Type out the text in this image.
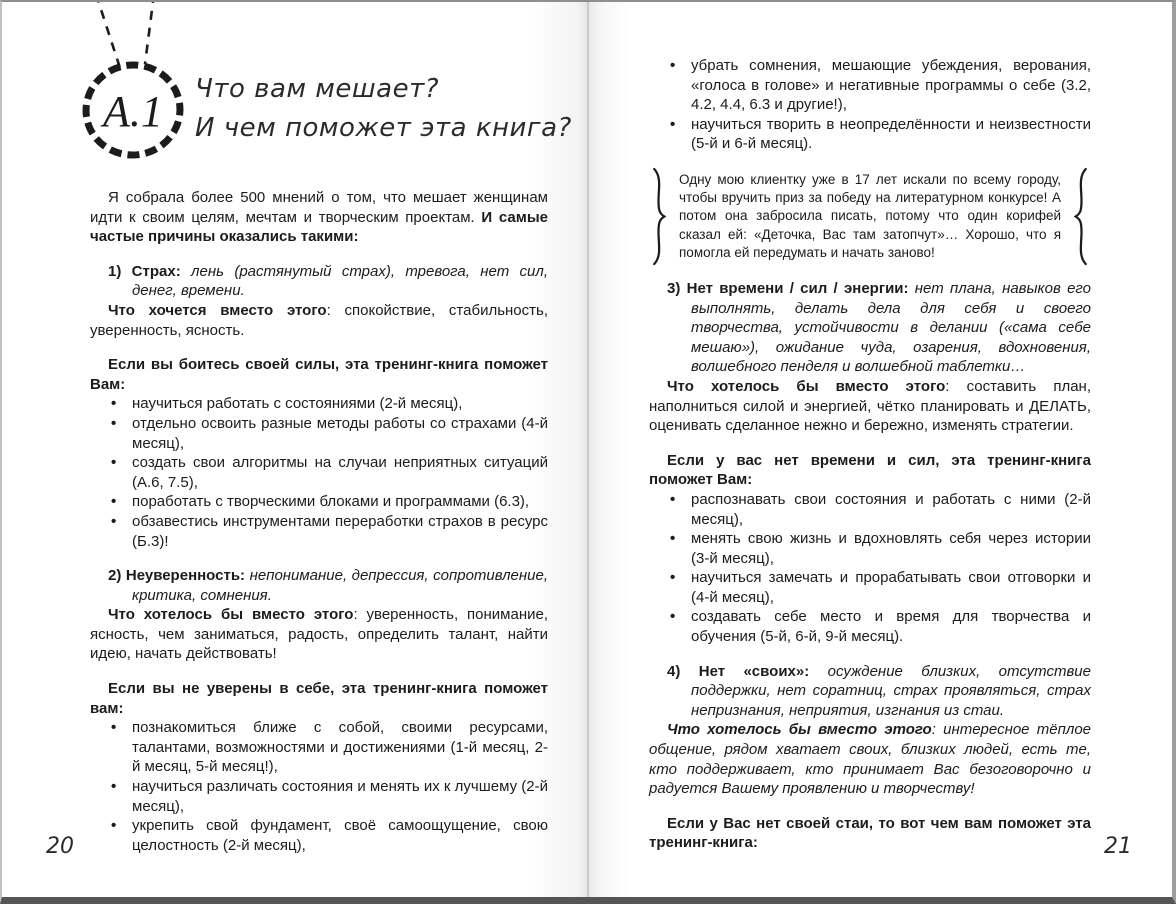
А.1 Что вам мешает?
И чем поможет эта книга?

Я собрала более 500 мнений о том, что мешает женщинам идти к своим целям, мечтам и творческим проектам. И самые частые причины оказались такими:

1) Страх: лень (растянутый страх), тревога, нет сил, денег, времени.

Что хочется вместо этого: спокойствие, стабильность, уверенность, ясность.

Если вы боитесь своей силы, эта тренинг-книга поможет Вам:

• научиться работать с состояниями (2-й месяц),
• отдельно освоить разные методы работы со страхами (4-й месяц),
• создать свои алгоритмы на случаи неприятных ситуаций (А.6, 7.5),
• поработать с творческими блоками и программами (6.3),
• обзавестись инструментами переработки страхов в ресурс (Б.3)!

2) Неуверенность: непонимание, депрессия, сопротивление, критика, сомнения.

Что хотелось бы вместо этого: уверенность, понимание, ясность, чем заниматься, радость, определить талант, найти идею, начать действовать!

Если вы не уверены в себе, эта тренинг-книга поможет вам:

• познакомиться ближе с собой, своими ресурсами, талантами, возможностями и достижениями (1-й месяц, 2-й месяц, 5-й месяц!),
• научиться различать состояния и менять их к лучшему (2-й месяц),
• укрепить свой фундамент, своё самоощущение, свою целостность (2-й месяц),
20
• убрать сомнения, мешающие убеждения, верования, «голоса в голове» и негативные программы о себе (3.2, 4.2, 4.4, 6.3 и другие!),
• научиться творить в неопределённости и неизвестности (5-й и 6-й месяц).
Одну мою клиентку уже в 17 лет искали по всему городу, чтобы вручить приз за победу на литературном конкурсе! А потом она забросила писать, потому что один корифей сказал ей: «Деточка, Вас там затопчут»… Хорошо, что я помогла ей передумать и начать заново!

3) Нет времени / сил / энергии: нет плана, навыков его выполнять, делать дела для себя и своего творчества, устойчивости в делании («сама себе мешаю»), ожидание чуда, озарения, вдохновения, волшебного пенделя и волшебной таблетки…

Что хотелось бы вместо этого: составить план, наполниться силой и энергией, чётко планировать и ДЕЛАТЬ, оценивать сделанное нежно и бережно, изменять стратегии.

Если у вас нет времени и сил, эта тренинг-книга поможет Вам:

• распознавать свои состояния и работать с ними (2-й месяц),
• менять свою жизнь и вдохновлять себя через истории (3-й месяц),
• научиться замечать и прорабатывать свои отговорки и (4-й месяц),
• создавать себе место и время для творчества и обучения (5-й, 6-й, 9-й месяц).

4) Нет «своих»: осуждение близких, отсутствие поддержки, нет соратниц, страх проявляться, страх непризнания, неприятия, изгнания из стаи.

Что хотелось бы вместо этого: интересное тёплое общение, рядом хватает своих, близких людей, есть те, кто поддерживает, кто принимает Вас безоговорочно и радуется Вашему проявлению и творчеству!

Если у Вас нет своей стаи, то вот чем вам поможет эта тренинг-книга:	21
